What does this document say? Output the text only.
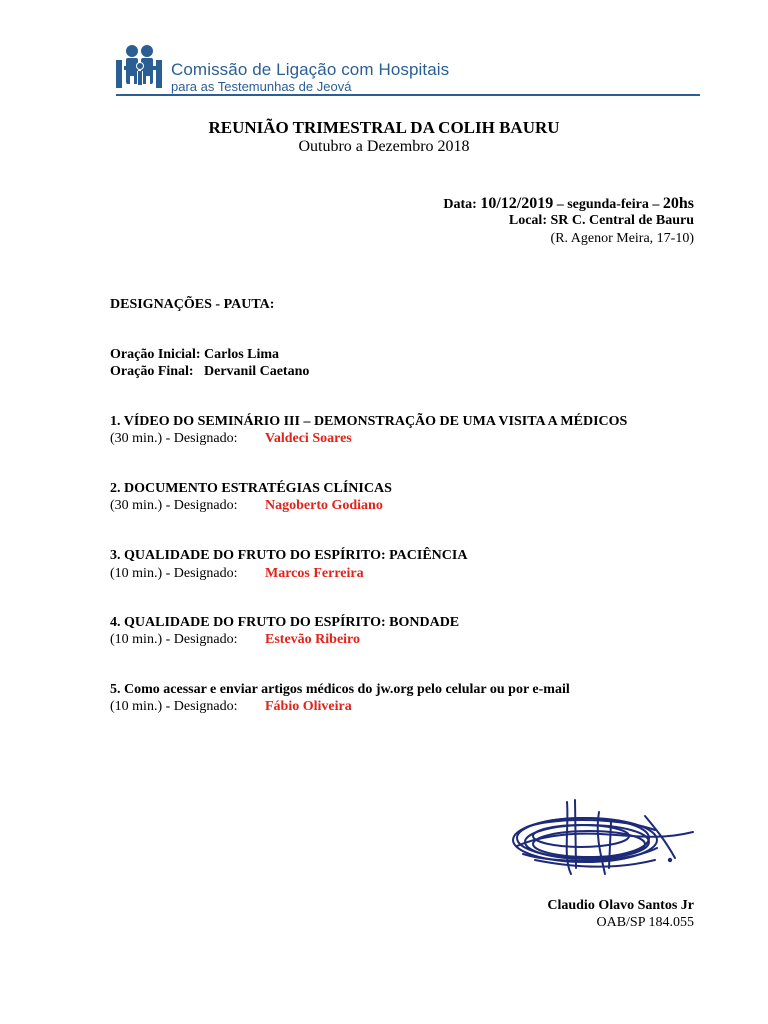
Comissão de Ligação com Hospitais
para as Testemunhas de Jeová
REUNIÃO TRIMESTRAL DA COLIH BAURU
Outubro a Dezembro 2018
Data: 10/12/2019 – segunda-feira – 20hs
Local: SR C. Central de Bauru
(R. Agenor Meira, 17-10)
DESIGNAÇÕES - PAUTA:
Oração Inicial: Carlos Lima
Oração Final: Dervanil Caetano
1. VÍDEO DO SEMINÁRIO III – DEMONSTRAÇÃO DE UMA VISITA A MÉDICOS
(30 min.) - Designado: Valdeci Soares
2. DOCUMENTO ESTRATÉGIAS CLÍNICAS
(30 min.) - Designado: Nagoberto Godiano
3. QUALIDADE DO FRUTO DO ESPÍRITO: PACIÊNCIA
(10 min.) - Designado: Marcos Ferreira
4. QUALIDADE DO FRUTO DO ESPÍRITO: BONDADE
(10 min.) - Designado: Estevão Ribeiro
5. Como acessar e enviar artigos médicos do jw.org pelo celular ou por e-mail
(10 min.) - Designado: Fábio Oliveira
Claudio Olavo Santos Jr
OAB/SP 184.055
